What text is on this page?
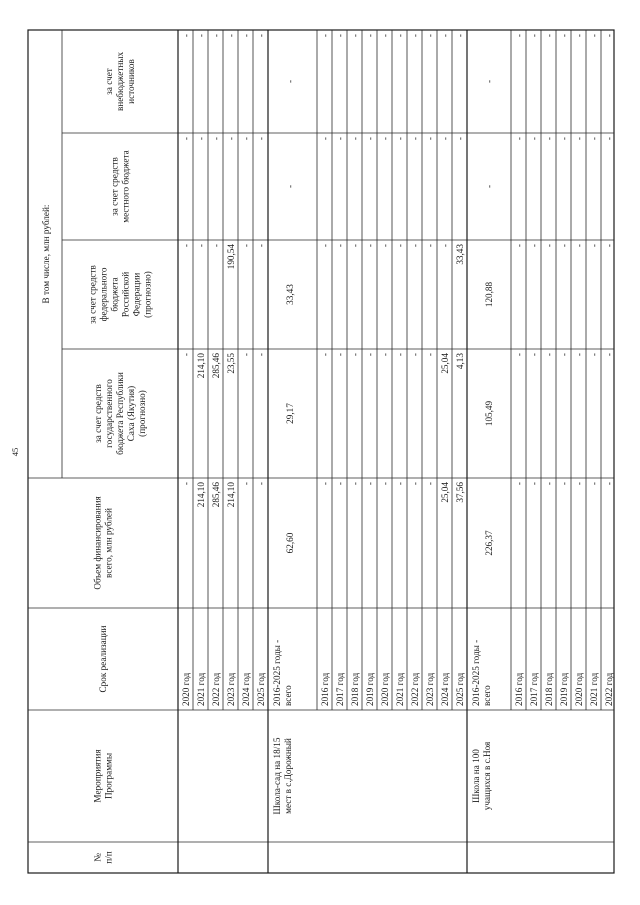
45
№п/п
МероприятияПрограммы
Срок реализации
Объем финансированиявсего, млн рублей
В том числе, млн рублей:
за счет средствгосударственногобюджета РеспубликиСаха (Якутия)(прогнозно)
за счет средствфедеральногобюджетаРоссийскойФедерации(прогнозно)
за счет средствместного бюджета
за счетвнебюджетныхисточников
2020 год
-
-
-
-
-
2021 год
214,10
214,10
-
-
-
2022 год
285,46
285,46
-
-
-
2023 год
214,10
23,55
190,54
-
-
2024 год
-
-
-
-
-
2025 год
-
-
-
-
-
2016-2025 годы -всего
Школа-сад на 18/15мест в с.Дорожный
62,60
29,17
33,43
-
-
2016 год
-
-
-
-
-
2017 год
-
-
-
-
-
2018 год
-
-
-
-
-
2019 год
-
-
-
-
-
2020 год
-
-
-
-
-
2021 год
-
-
-
-
-
2022 год
-
-
-
-
-
2023 год
-
-
-
-
-
2024 год
25,04
25,04
-
-
-
2025 год
37,56
4,13
33,43
-
-
2016-2025 годы -всего
Школа на 100учащихся в с.Ноя
226,37
105,49
120,88
-
-
2016 год
-
-
-
-
-
2017 год
-
-
-
-
-
2018 год
-
-
-
-
-
2019 год
-
-
-
-
-
2020 год
-
-
-
-
-
2021 год
-
-
-
-
-
2022 год
-
-
-
-
-
